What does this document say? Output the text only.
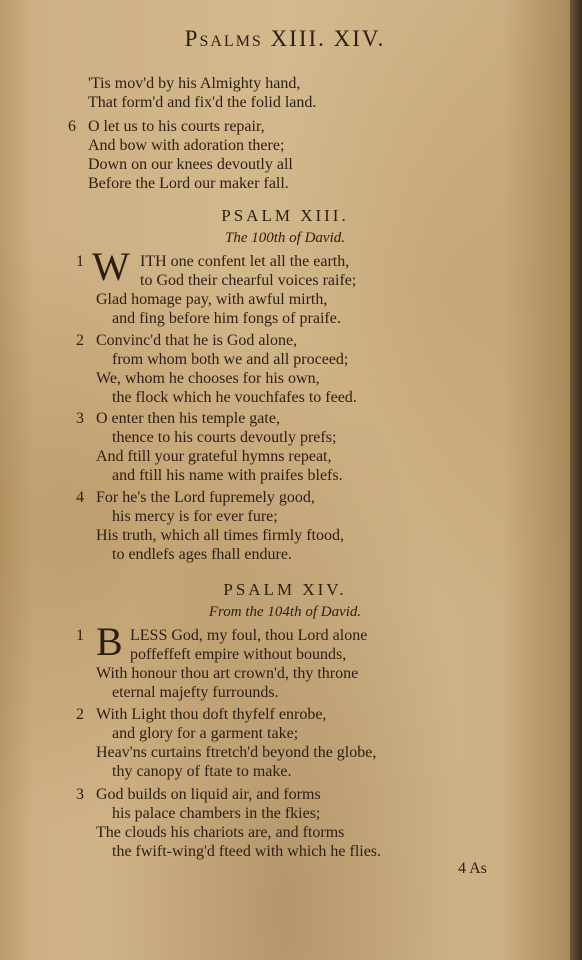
Psalms XIII. XIV.
'Tis mov'd by his Almighty hand,
That form'd and fix'd the folid land.
6 O let us to his courts repair,
And bow with adoration there;
Down on our knees devoutly all
Before the Lord our maker fall.
PSALM XIII.
The 100th of David.
1 W ITH one confent let all the earth,
to God their chearful voices raife;
Glad homage pay, with awful mirth,
and fing before him fongs of praife.
2 Convinc'd that he is God alone,
from whom both we and all proceed;
We, whom he chooses for his own,
the flock which he vouchfafes to feed.
3 O enter then his temple gate,
thence to his courts devoutly prefs;
And ftill your grateful hymns repeat,
and ftill his name with praifes blefs.
4 For he's the Lord fupremely good,
his mercy is for ever fure;
His truth, which all times firmly ftood,
to endlefs ages fhall endure.
PSALM XIV.
From the 104th of David.
1 B LESS God, my foul, thou Lord alone
poffeffeft empire without bounds,
With honour thou art crown'd, thy throne
eternal majefty furrounds.
2 With Light thou doft thyfelf enrobe,
and glory for a garment take;
Heav'ns curtains ftretch'd beyond the globe,
thy canopy of ftate to make.
3 God builds on liquid air, and forms
his palace chambers in the fkies;
The clouds his chariots are, and ftorms
the fwift-wing'd fteed with which he flies.
4 As
